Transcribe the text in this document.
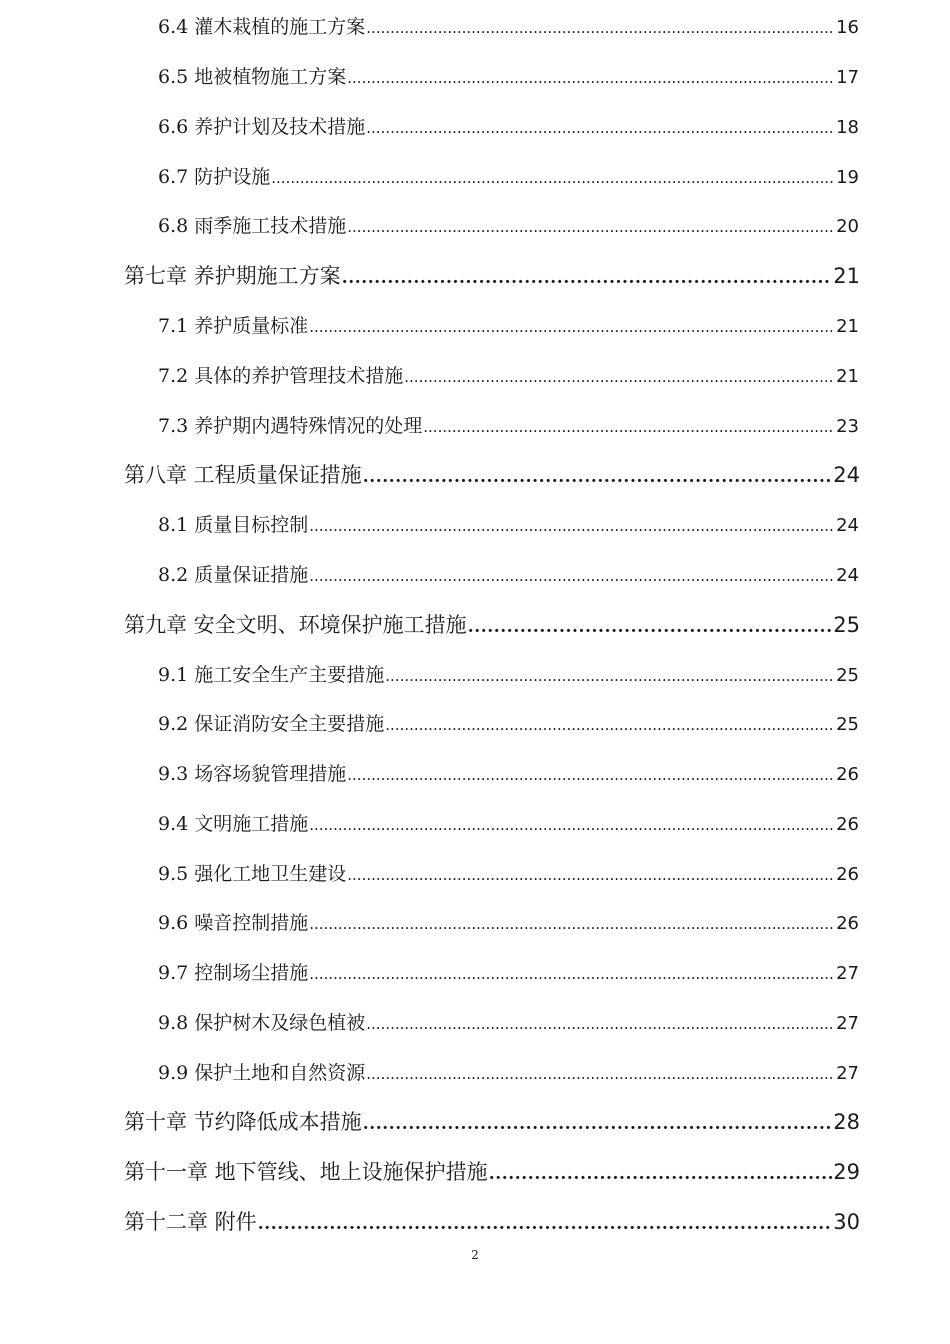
6.4 灌木栽植的施工方案 .....	16
6.5 地被植物施工方案 .....	17
6.6 养护计划及技术措施 .....	18
6.7 防护设施 .....	19
6.8 雨季施工技术措施 .....	20
第七章 养护期施工方案 .....	21
7.1 养护质量标准 .....	21
7.2 具体的养护管理技术措施 .....	21
7.3 养护期内遇特殊情况的处理 .....	23
第八章 工程质量保证措施 .....	24
8.1 质量目标控制 .....	24
8.2 质量保证措施 .....	24
第九章 安全文明、环境保护施工措施 .....	25
9.1 施工安全生产主要措施 .....	25
9.2 保证消防安全主要措施 .....	25
9.3 场容场貌管理措施 .....	26
9.4 文明施工措施 .....	26
9.5 强化工地卫生建设 .....	26
9.6 噪音控制措施 .....	26
9.7 控制场尘措施 .....	27
9.8 保护树木及绿色植被 .....	27
9.9 保护土地和自然资源 .....	27
第十章 节约降低成本措施 .....	28
第十一章 地下管线、地上设施保护措施 .....	29
第十二章 附件 .....	30
2
